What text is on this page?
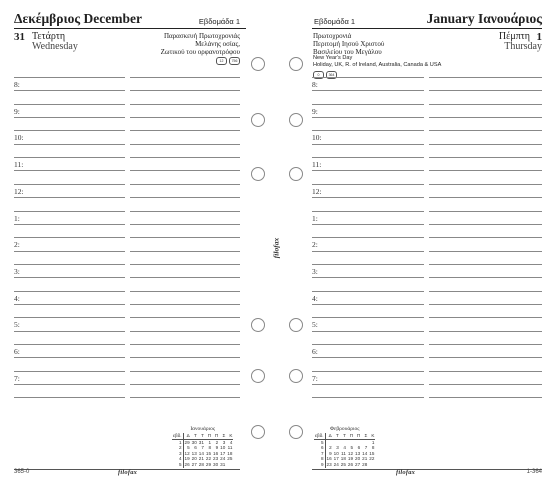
Δεκέμβριος December	Εβδομάδα 1
31 Τετάρτη
Wednesday
Παρασκευή Πρωτοχρονιάς
Μελάνης οσίας,
Ζωτικού του ορφανοτρόφου
12	756
8:
9:
10:
11:
12:
1:
2:
3:
4:
5:
6:
7:
Ιανουάριος
εβδ.	Δ	Τ	Τ	Π	Π	Σ	Κ
1	29	30	31	1	2	3	4
2	5	6	7	8	9	10	11
3	12	13	14	15	16	17	18
4	19	20	21	22	23	24	25
5	26	27	28	29	30	31	
365-0	filofax
filofax
Εβδομάδα 1	January Ιανουάριος
1
Πέμπτη
Thursday
Πρωτοχρονιά
Περιτομή Ιησού Χριστού
Βασιλείου του Μεγάλου
New Year's Day
Holiday, UK, R. of Ireland, Australia, Canada & USA
0	364
8:
9:
10:
11:
12:
1:
2:
3:
4:
5:
6:
7:
Φεβρουάριος
εβδ.	Δ	Τ	Τ	Π	Π	Σ	Κ
5							1
6	2	3	4	5	6	7	8
7	9	10	11	12	13	14	15
8	16	17	18	19	20	21	22
9	23	24	25	26	27	28	
1-364
filofax
